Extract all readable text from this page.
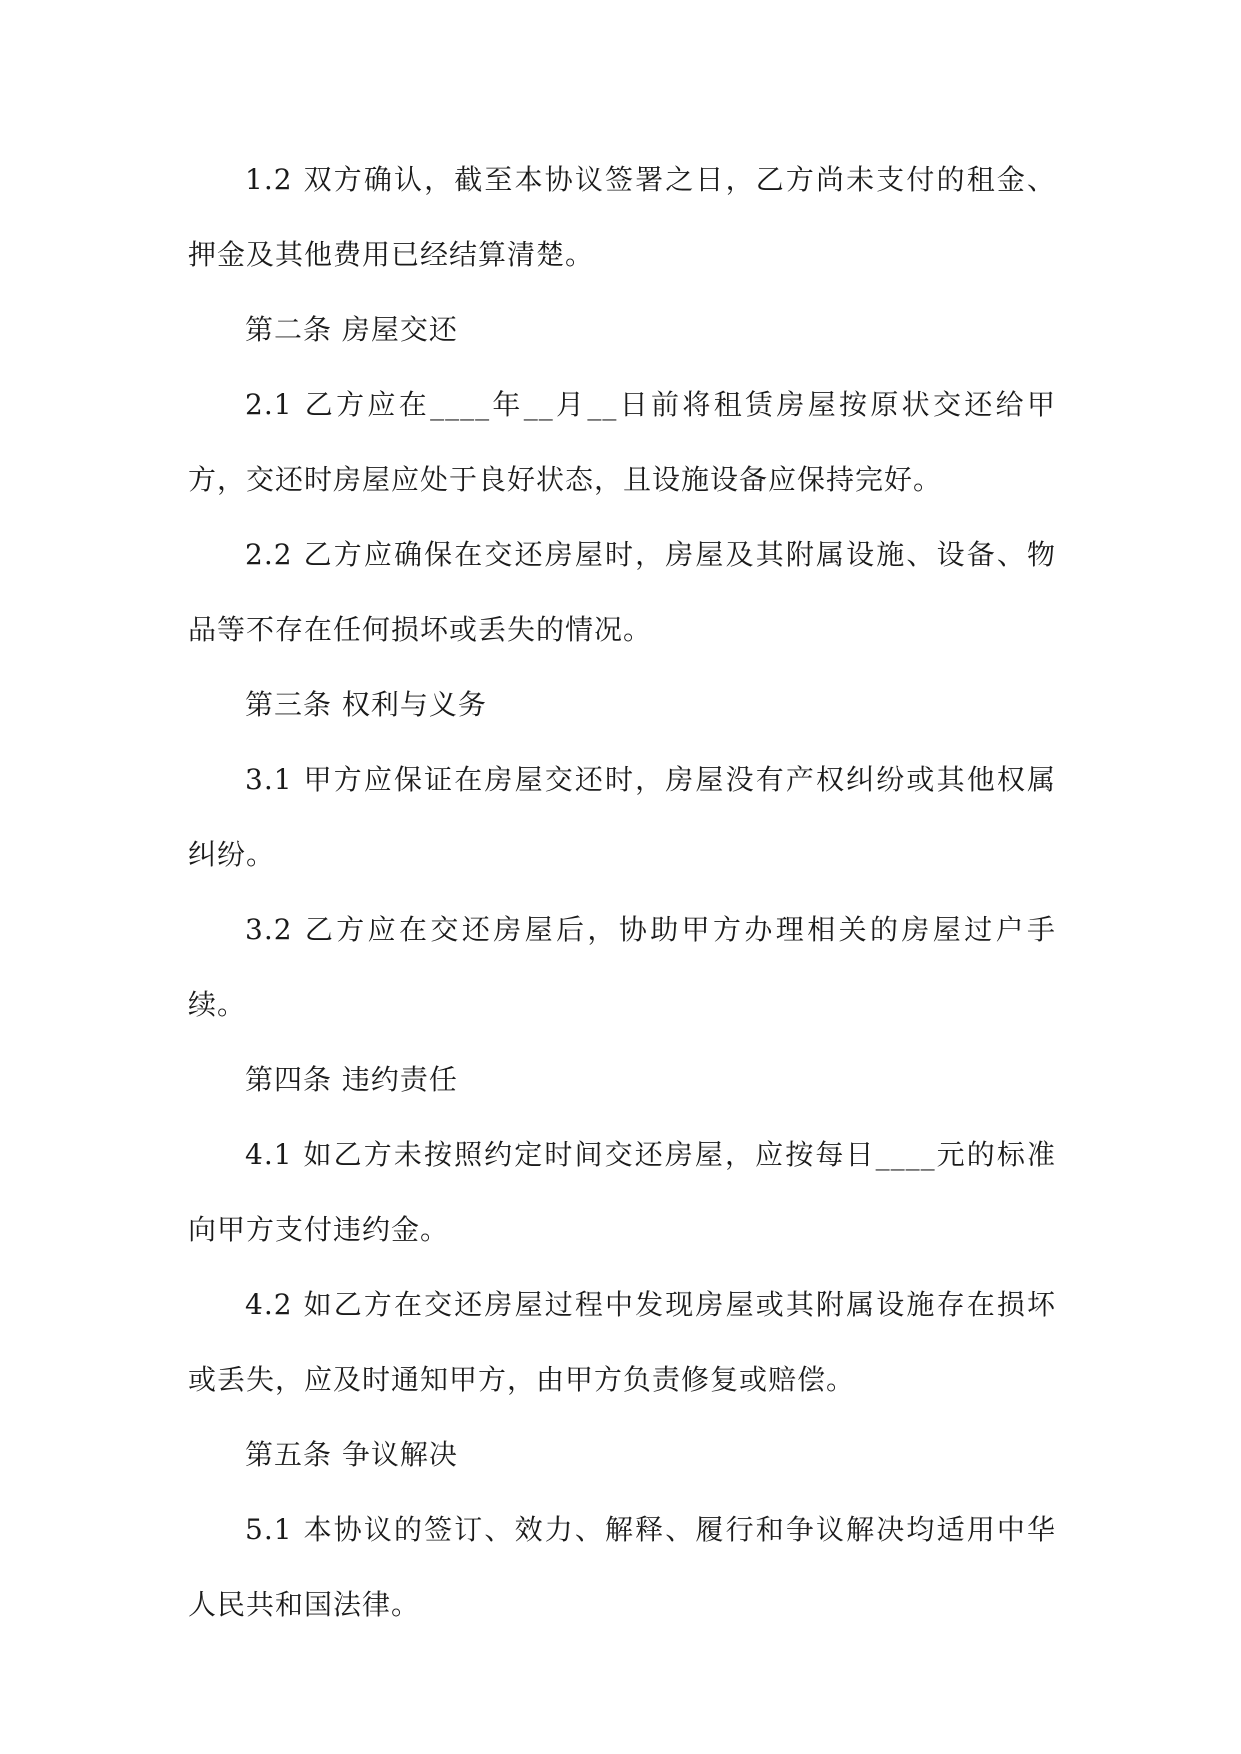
1.2 双方确认，截至本协议签署之日，乙方尚未支付的租金、押金及其他费用已经结算清楚。

第二条 房屋交还

2.1 乙方应在____年__月__日前将租赁房屋按原状交还给甲方，交还时房屋应处于良好状态，且设施设备应保持完好。

2.2 乙方应确保在交还房屋时，房屋及其附属设施、设备、物品等不存在任何损坏或丢失的情况。

第三条 权利与义务

3.1 甲方应保证在房屋交还时，房屋没有产权纠纷或其他权属纠纷。

3.2 乙方应在交还房屋后，协助甲方办理相关的房屋过户手续。

第四条 违约责任

4.1 如乙方未按照约定时间交还房屋，应按每日____元的标准向甲方支付违约金。

4.2 如乙方在交还房屋过程中发现房屋或其附属设施存在损坏或丢失，应及时通知甲方，由甲方负责修复或赔偿。

第五条 争议解决

5.1 本协议的签订、效力、解释、履行和争议解决均适用中华人民共和国法律。
